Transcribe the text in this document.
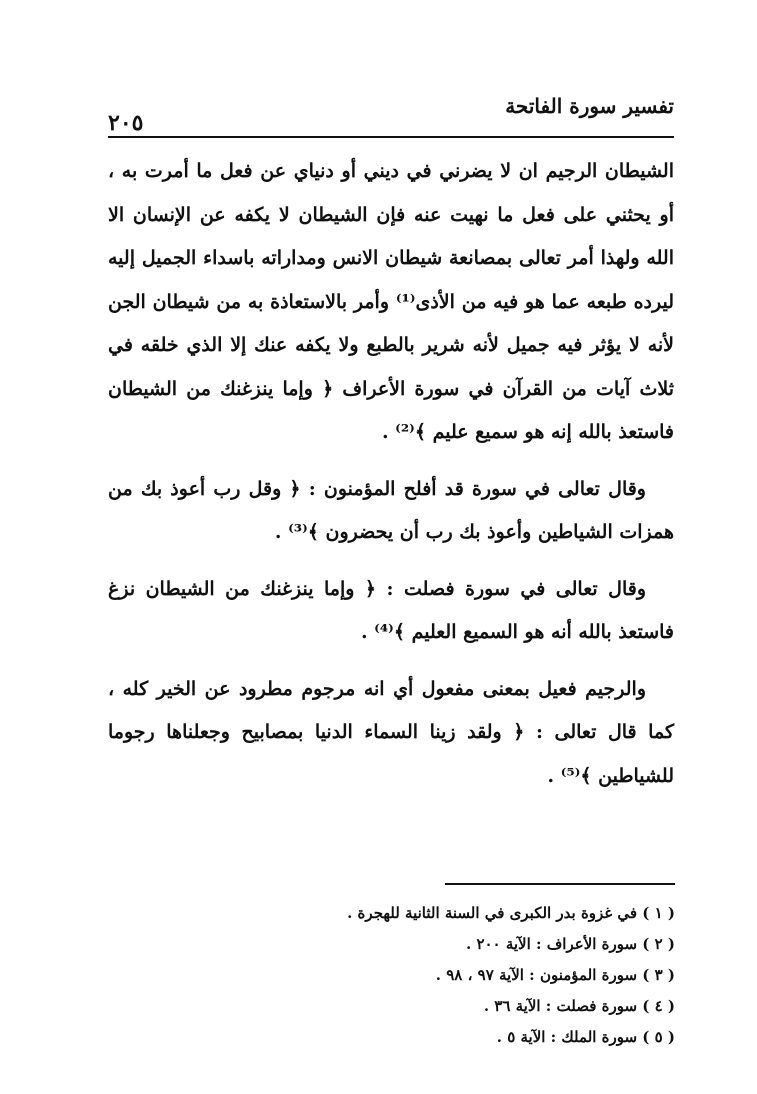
تفسير سورة الفاتحة
٢٠٥

الشيطان الرجيم ان لا يضرني في ديني أو دنياي عن فعل ما أمرت به ، أو يحثني على فعل ما نهيت عنه فإن الشيطان لا يكفه عن الإنسان الا الله ولهذا أمر تعالى بمصانعة شيطان الانس ومداراته باسداء الجميل إليه ليرده طبعه عما هو فيه من الأذى⁽¹⁾ وأمر بالاستعاذة به من شيطان الجن لأنه لا يؤثر فيه جميل لأنه شرير بالطبع ولا يكفه عنك إلا الذي خلقه في ثلاث آيات من القرآن في سورة الأعراف ﴿ وإما ينزغنك من الشيطان فاستعذ بالله إنه هو سميع عليم ﴾⁽²⁾ .

وقال تعالى في سورة قد أفلح المؤمنون : ﴿ وقل رب أعوذ بك من همزات الشياطين وأعوذ بك رب أن يحضرون ﴾⁽³⁾ .

وقال تعالى في سورة فصلت : ﴿ وإما ينزغنك من الشيطان نزغ فاستعذ بالله أنه هو السميع العليم ﴾⁽⁴⁾ .

والرجيم فعيل بمعنى مفعول أي انه مرجوم مطرود عن الخير كله ، كما قال تعالى : ﴿ ولقد زينا السماء الدنيا بمصابيح وجعلناها رجوما للشياطين ﴾⁽⁵⁾ .

( ١ ) في غزوة بدر الكبرى في السنة الثانية للهجرة .

( ٢ ) سورة الأعراف : الآية ٢٠٠ .

( ٣ ) سورة المؤمنون : الآية ٩٧ ، ٩٨ .

( ٤ ) سورة فصلت : الآية ٣٦ .

( ٥ ) سورة الملك : الآية ٥ .
